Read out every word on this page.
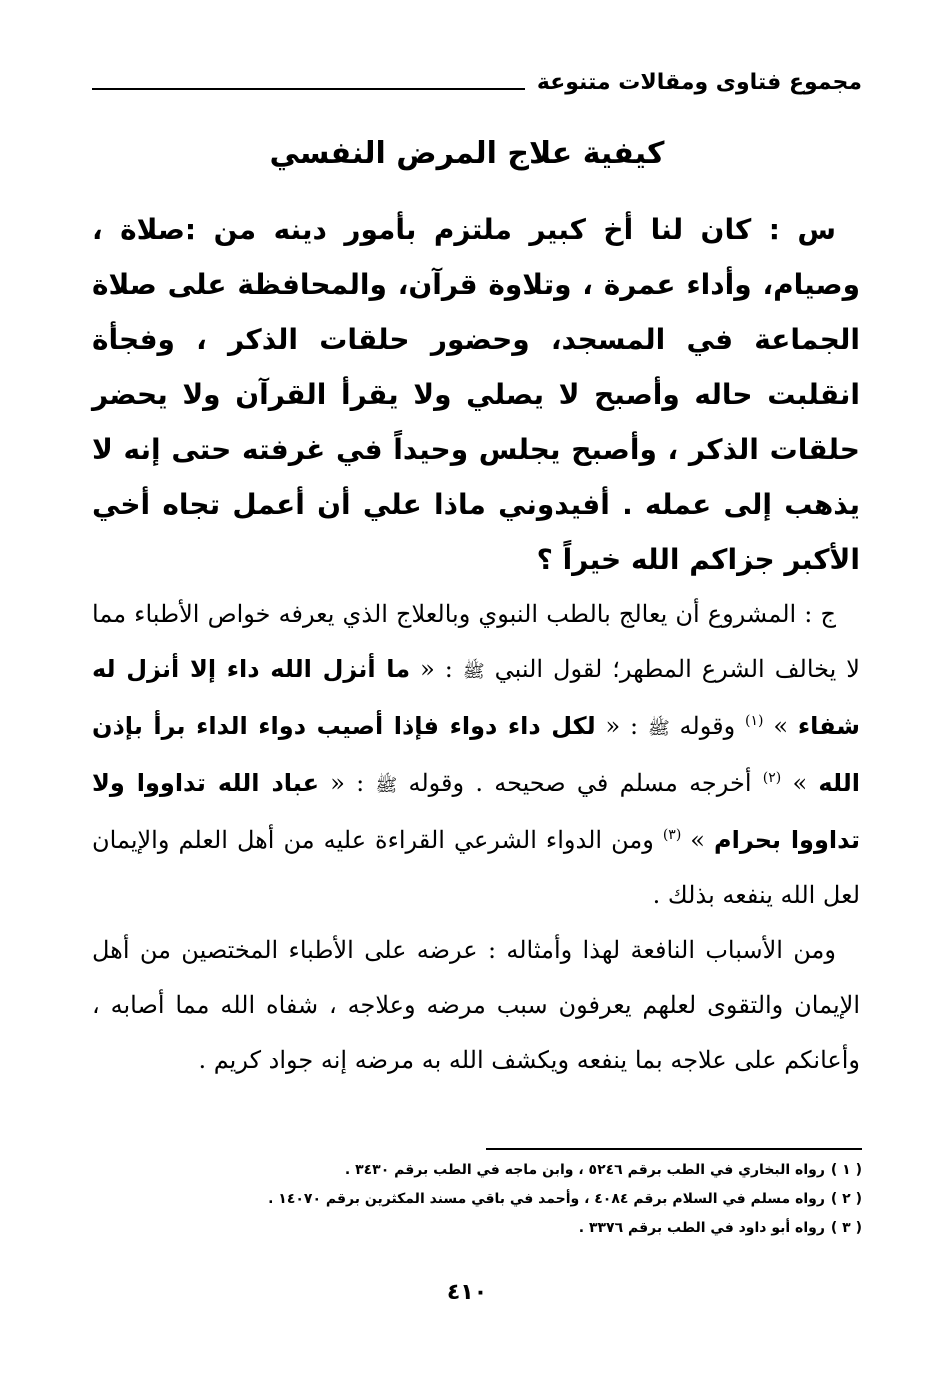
مجموع فتاوى ومقالات متنوعة
كيفية علاج المرض النفسي

س : كان لنا أخ كبير ملتزم بأمور دينه من :صلاة ، وصيام، وأداء عمرة ، وتلاوة قرآن، والمحافظة على صلاة الجماعة في المسجد، وحضور حلقات الذكر ، وفجأة انقلبت حاله وأصبح لا يصلي ولا يقرأ القرآن ولا يحضر حلقات الذكر ، وأصبح يجلس وحيداً في غرفته حتى إنه لا يذهب إلى عمله . أفيدوني ماذا علي أن أعمل تجاه أخي الأكبر جزاكم الله خيراً ؟

ج : المشروع أن يعالج بالطب النبوي وبالعلاج الذي يعرفه خواص الأطباء مما لا يخالف الشرع المطهر؛ لقول النبي ﷺ : « ما أنزل الله داء إلا أنزل له شفاء » $^{(١)}$ وقوله ﷺ : « لكل داء دواء فإذا أصيب دواء الداء برأ بإذن الله » $^{(٢)}$ أخرجه مسلم في صحيحه . وقوله ﷺ : « عباد الله تداووا ولا تداووا بحرام » $^{(٣)}$ ومن الدواء الشرعي القراءة عليه من أهل العلم والإيمان لعل الله ينفعه بذلك .

ومن الأسباب النافعة لهذا وأمثاله : عرضه على الأطباء المختصين من أهل الإيمان والتقوى لعلهم يعرفون سبب مرضه وعلاجه ، شفاه الله مما أصابه ، وأعانكم على علاجه بما ينفعه ويكشف الله به مرضه إنه جواد كريم .

( ١ )
رواه البخاري في الطب برقم ٥٢٤٦ ، وابن ماجه في الطب برقم ٣٤٣٠ .
( ٢ )
رواه مسلم في السلام برقم ٤٠٨٤ ، وأحمد في باقي مسند المكثرين برقم ١٤٠٧٠ .
( ٣ )
رواه أبو داود في الطب برقم ٣٣٧٦ .
٤١٠
